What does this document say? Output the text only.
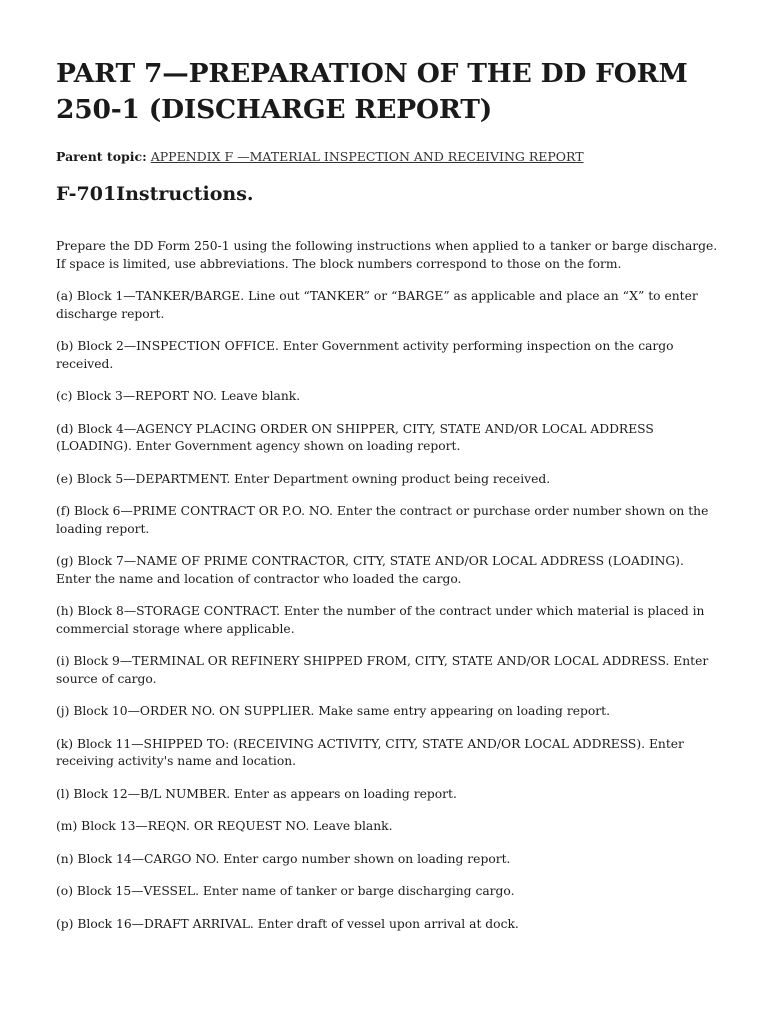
PART 7—PREPARATION OF THE DD FORM 250-1 (DISCHARGE REPORT)
Parent topic: APPENDIX F —MATERIAL INSPECTION AND RECEIVING REPORT
F-701Instructions.

Prepare the DD Form 250-1 using the following instructions when applied to a tanker or barge discharge. If space is limited, use abbreviations. The block numbers correspond to those on the form.

(a) Block 1—TANKER/BARGE. Line out “TANKER” or “BARGE” as applicable and place an “X” to enter discharge report.

(b) Block 2—INSPECTION OFFICE. Enter Government activity performing inspection on the cargo received.

(c) Block 3—REPORT NO. Leave blank.

(d) Block 4—AGENCY PLACING ORDER ON SHIPPER, CITY, STATE AND/OR LOCAL ADDRESS (LOADING). Enter Government agency shown on loading report.

(e) Block 5—DEPARTMENT. Enter Department owning product being received.

(f) Block 6—PRIME CONTRACT OR P.O. NO. Enter the contract or purchase order number shown on the loading report.

(g) Block 7—NAME OF PRIME CONTRACTOR, CITY, STATE AND/OR LOCAL ADDRESS (LOADING). Enter the name and location of contractor who loaded the cargo.

(h) Block 8—STORAGE CONTRACT. Enter the number of the contract under which material is placed in commercial storage where applicable.

(i) Block 9—TERMINAL OR REFINERY SHIPPED FROM, CITY, STATE AND/OR LOCAL ADDRESS. Enter source of cargo.

(j) Block 10—ORDER NO. ON SUPPLIER. Make same entry appearing on loading report.

(k) Block 11—SHIPPED TO: (RECEIVING ACTIVITY, CITY, STATE AND/OR LOCAL ADDRESS). Enter receiving activity's name and location.

(l) Block 12—B/L NUMBER. Enter as appears on loading report.

(m) Block 13—REQN. OR REQUEST NO. Leave blank.

(n) Block 14—CARGO NO. Enter cargo number shown on loading report.

(o) Block 15—VESSEL. Enter name of tanker or barge discharging cargo.

(p) Block 16—DRAFT ARRIVAL. Enter draft of vessel upon arrival at dock.
